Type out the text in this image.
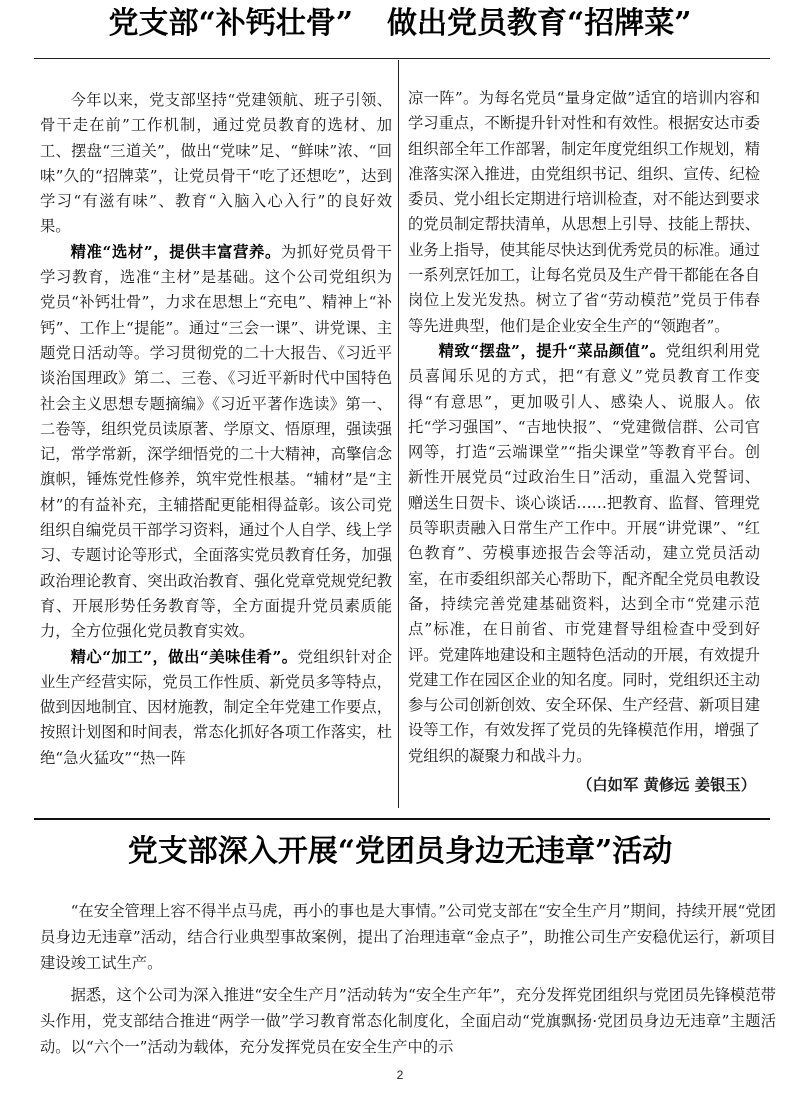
党支部“补钙壮骨” 做出党员教育“招牌菜”

今年以来，党支部坚持“党建领航、班子引领、骨干走在前”工作机制，通过党员教育的选材、加工、摆盘“三道关”，做出“党味”足、“鲜味”浓、“回味”久的“招牌菜”，让党员骨干“吃了还想吃”，达到学习“有滋有味”、教育“入脑入心入行”的良好效果。

精准“选材”，提供丰富营养。为抓好党员骨干学习教育，选准“主材”是基础。这个公司党组织为党员“补钙壮骨”，力求在思想上“充电”、精神上“补钙”、工作上“提能”。通过“三会一课”、讲党课、主题党日活动等。学习贯彻党的二十大报告、《习近平谈治国理政》第二、三卷、《习近平新时代中国特色社会主义思想专题摘编》《习近平著作选读》第一、二卷等，组织党员读原著、学原文、悟原理，强读强记，常学常新，深学细悟党的二十大精神，高擎信念旗帜，锤炼党性修养，筑牢党性根基。“辅材”是“主材”的有益补充，主辅搭配更能相得益彰。该公司党组织自编党员干部学习资料，通过个人自学、线上学习、专题讨论等形式，全面落实党员教育任务，加强政治理论教育、突出政治教育、强化党章党规党纪教育、开展形势任务教育等，全方面提升党员素质能力，全方位强化党员教育实效。

精心“加工”，做出“美味佳肴”。党组织针对企业生产经营实际，党员工作性质、新党员多等特点，做到因地制宜、因材施教，制定全年党建工作要点，按照计划图和时间表，常态化抓好各项工作落实，杜绝“急火猛攻”“热一阵

凉一阵”。为每名党员“量身定做”适宜的培训内容和学习重点，不断提升针对性和有效性。根据安达市委组织部全年工作部署，制定年度党组织工作规划，精准落实深入推进，由党组织书记、组织、宣传、纪检委员、党小组长定期进行培训检查，对不能达到要求的党员制定帮扶清单，从思想上引导、技能上帮扶、业务上指导，使其能尽快达到优秀党员的标准。通过一系列烹饪加工，让每名党员及生产骨干都能在各自岗位上发光发热。树立了省“劳动模范”党员于伟春等先进典型，他们是企业安全生产的“领跑者”。

精致“摆盘”，提升“菜品颜值”。党组织利用党员喜闻乐见的方式，把“有意义”党员教育工作变得“有意思”，更加吸引人、感染人、说服人。依托“学习强国”、“吉地快报”、“党建微信群、公司官网等，打造“云端课堂”“指尖课堂”等教育平台。创新性开展党员“过政治生日”活动，重温入党誓词、赠送生日贺卡、谈心谈话……把教育、监督、管理党员等职责融入日常生产工作中。开展“讲党课”、“红色教育”、劳模事迹报告会等活动，建立党员活动室，在市委组织部关心帮助下，配齐配全党员电教设备，持续完善党建基础资料，达到全市“党建示范点”标准，在日前省、市党建督导组检查中受到好评。党建阵地建设和主题特色活动的开展，有效提升党建工作在园区企业的知名度。同时，党组织还主动参与公司创新创效、安全环保、生产经营、新项目建设等工作，有效发挥了党员的先锋模范作用，增强了党组织的凝聚力和战斗力。

（白如军 黄修远 姜银玉）
党支部深入开展“党团员身边无违章”活动

“在安全管理上容不得半点马虎，再小的事也是大事情。”公司党支部在“安全生产月”期间，持续开展“党团员身边无违章”活动，结合行业典型事故案例，提出了治理违章“金点子”，助推公司生产安稳优运行，新项目建设竣工试生产。

据悉，这个公司为深入推进“安全生产月”活动转为“安全生产年”，充分发挥党团组织与党团员先锋模范带头作用，党支部结合推进“两学一做”学习教育常态化制度化，全面启动“党旗飘扬·党团员身边无违章”主题活动。以“六个一”活动为载体，充分发挥党员在安全生产中的示

2
